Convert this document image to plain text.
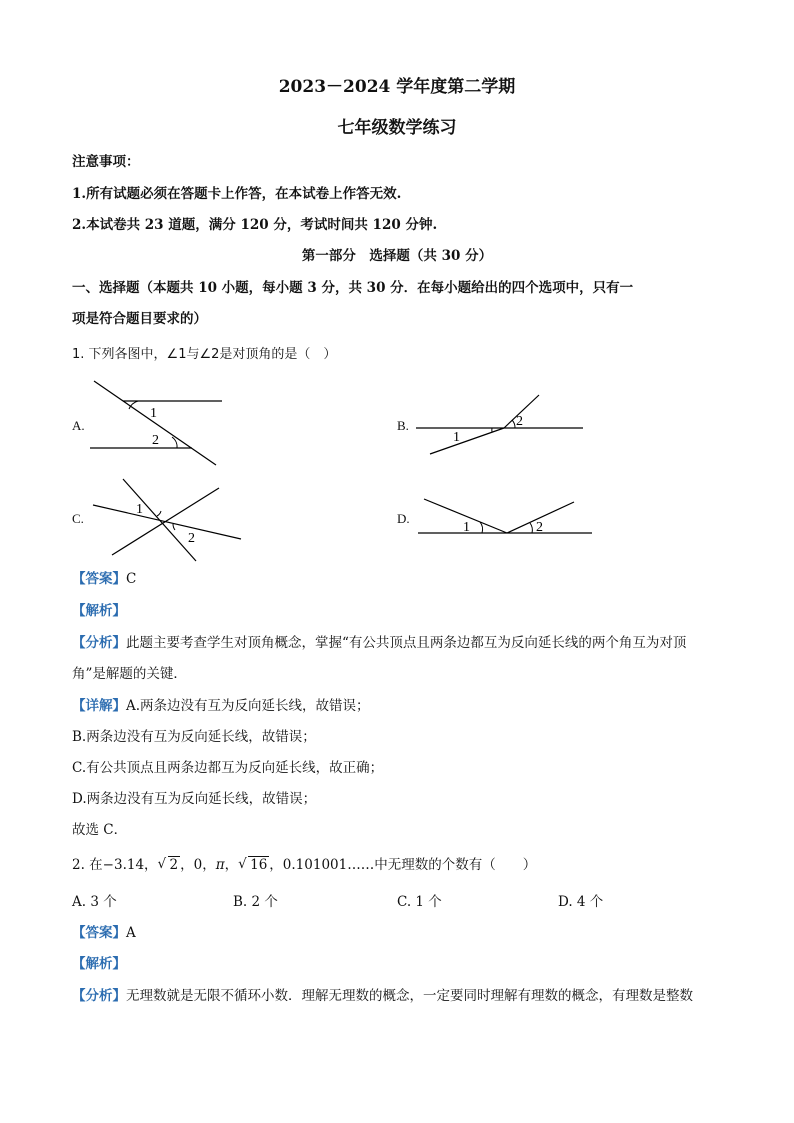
2023－2024 学年度第二学期
七年级数学练习
注意事项：
1.所有试题必须在答题卡上作答，在本试卷上作答无效.
2.本试卷共 23 道题，满分 120 分，考试时间共 120 分钟.
第一部分　选择题（共 30 分）
一、选择题（本题共 10 小题，每小题 3 分，共 30 分．在每小题给出的四个选项中，只有一
项是符合题目要求的）
1. 下列各图中，∠1与∠2是对顶角的是（　）
A.
1
2
B.	2
1
C.
1
2
D.
1	2
【答案】C
【解析】
【分析】此题主要考查学生对顶角概念，掌握“有公共顶点且两条边都互为反向延长线的两个角互为对顶
角”是解题的关键．
【详解】A.两条边没有互为反向延长线，故错误；
B.两条边没有互为反向延长线，故错误；
C.有公共顶点且两条边都互为反向延长线，故正确；
D.两条边没有互为反向延长线，故错误；
故选 C．
2. 在−3.14， √ 2 ，0，π， √ 16 ，0.101001……中无理数的个数有（　　）
A. 3 个	B. 2 个	C. 1 个	D. 4 个
【答案】A
【解析】
【分析】无理数就是无限不循环小数．理解无理数的概念，一定要同时理解有理数的概念，有理数是整数
